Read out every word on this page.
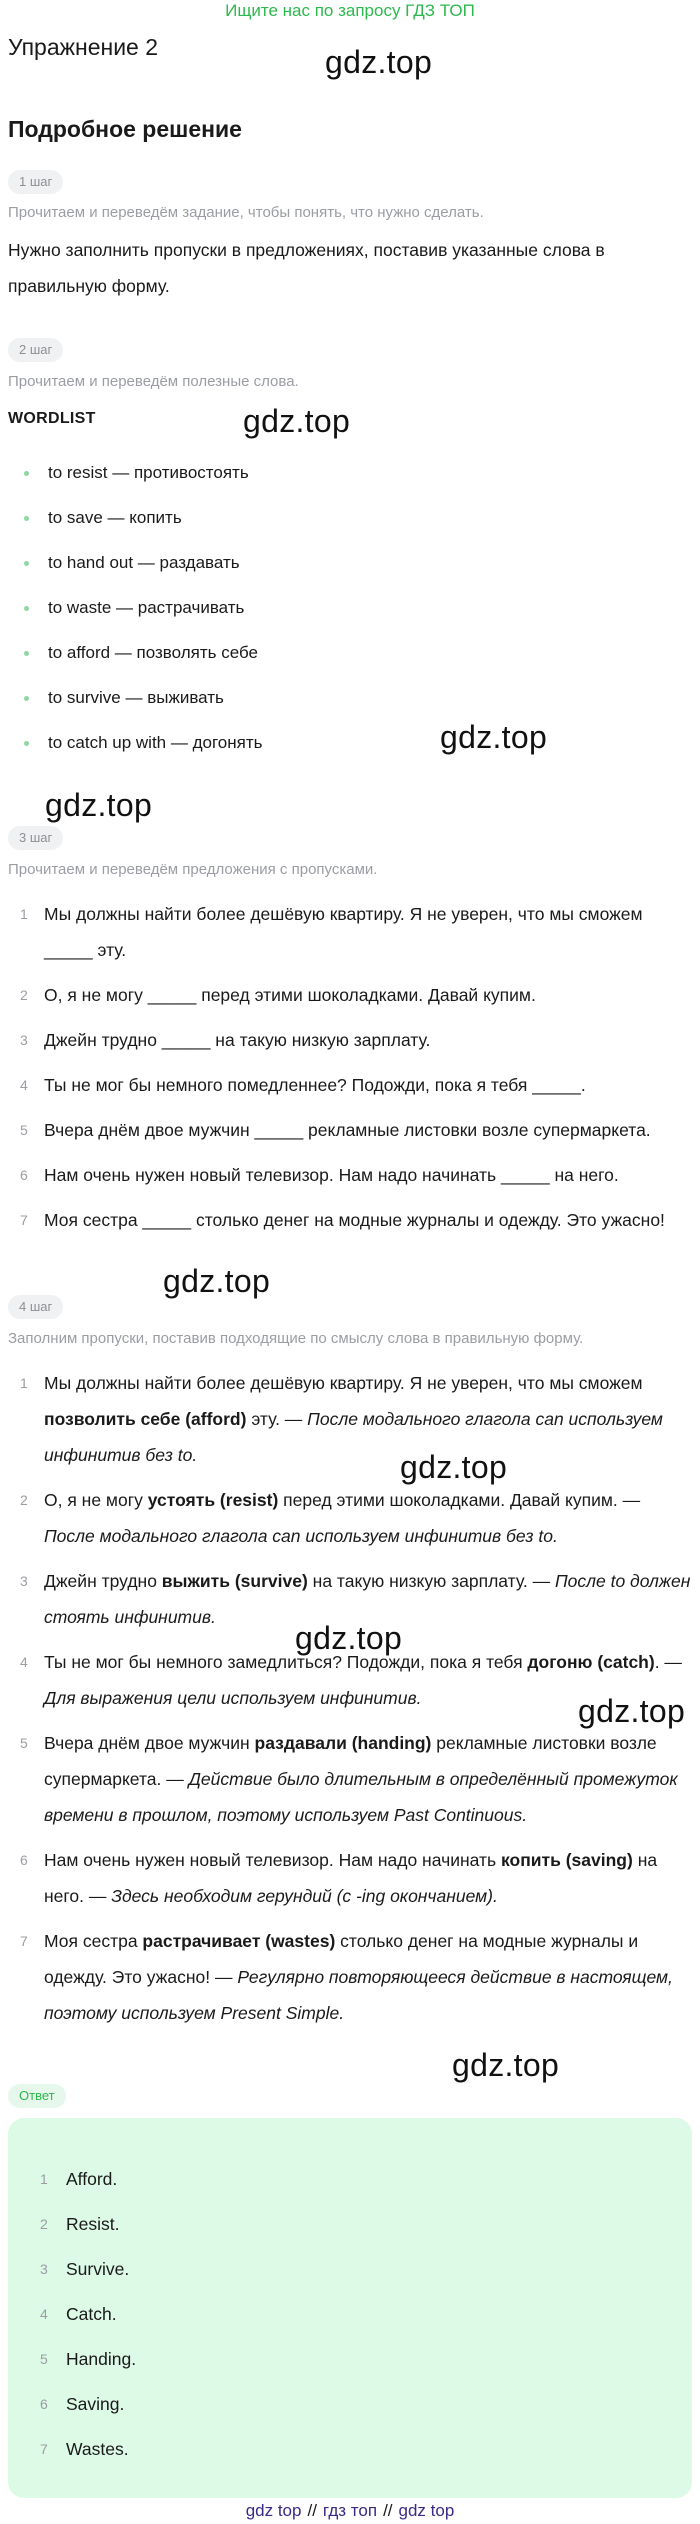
Ищите нас по запросу ГДЗ ТОП
Упражнение 2
Подробное решение
gdz.top
gdz.top
gdz.top
gdz.top
gdz.top
gdz.top
gdz.top
gdz.top
gdz.top
1 шаг
Прочитаем и переведём задание, чтобы понять, что нужно сделать.
Нужно заполнить пропуски в предложениях, поставив указанные слова в правильную форму.
2 шаг
Прочитаем и переведём полезные слова.
WORDLIST
to resist — противостоять
to save — копить
to hand out — раздавать
to waste — растрачивать
to afford — позволять себе
to survive — выживать
to catch up with — догонять
3 шаг
Прочитаем и переведём предложения с пропусками.
1 Мы должны найти более дешёвую квартиру. Я не уверен, что мы сможем _____ эту.
2 О, я не могу _____ перед этими шоколадками. Давай купим.
3 Джейн трудно _____ на такую низкую зарплату.
4 Ты не мог бы немного помедленнее? Подожди, пока я тебя _____.
5 Вчера днём двое мужчин _____ рекламные листовки возле супермаркета.
6 Нам очень нужен новый телевизор. Нам надо начинать _____ на него.
7 Моя сестра _____ столько денег на модные журналы и одежду. Это ужасно!
4 шаг
Заполним пропуски, поставив подходящие по смыслу слова в правильную форму.
1 Мы должны найти более дешёвую квартиру. Я не уверен, что мы сможем позволить себе (afford) эту. — После модального глагола can используем инфинитив без to.
2 О, я не могу устоять (resist) перед этими шоколадками. Давай купим. — После модального глагола can используем инфинитив без to.
3 Джейн трудно выжить (survive) на такую низкую зарплату. — После to должен стоять инфинитив.
4 Ты не мог бы немного замедлиться? Подожди, пока я тебя догоню (catch). — Для выражения цели используем инфинитив.
5 Вчера днём двое мужчин раздавали (handing) рекламные листовки возле супермаркета. — Действие было длительным в определённый промежуток времени в прошлом, поэтому используем Past Continuous.
6 Нам очень нужен новый телевизор. Нам надо начинать копить (saving) на него. — Здесь необходим герундий (с -ing окончанием).
7 Моя сестра растрачивает (wastes) столько денег на модные журналы и одежду. Это ужасно! — Регулярно повторяющееся действие в настоящем, поэтому используем Present Simple.
Ответ
1 Afford.
2 Resist.
3 Survive.
4 Catch.
5 Handing.
6 Saving.
7 Wastes.
gdz top // гдз топ // gdz top
